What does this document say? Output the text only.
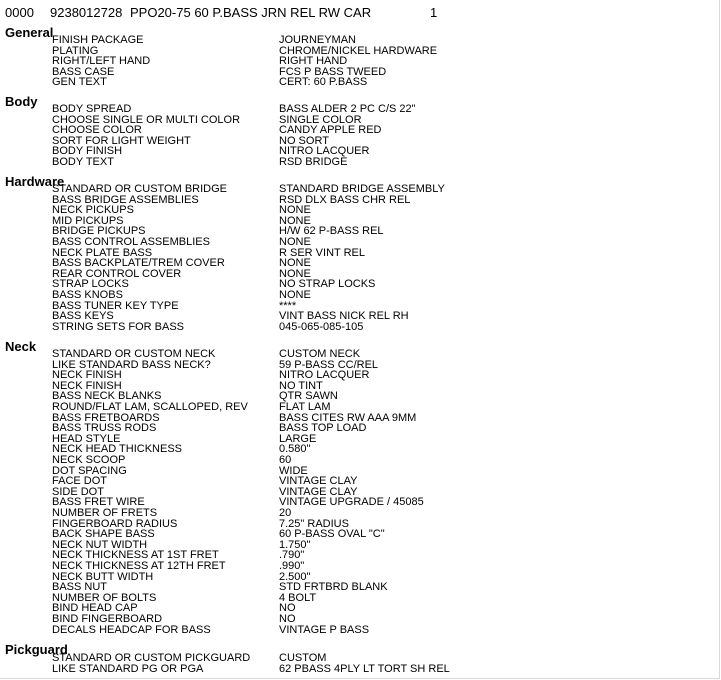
0000 9238012728 PPO20-75 60 P.BASS JRN REL RW CAR	1
General
FINISH PACKAGE	JOURNEYMAN
PLATING	CHROME/NICKEL HARDWARE
RIGHT/LEFT HAND	RIGHT HAND
BASS CASE	FCS P BASS TWEED
GEN TEXT	CERT: 60 P.BASS
Body BODY SPREAD	BASS ALDER 2 PC C/S 22"
CHOOSE SINGLE OR MULTI COLOR	SINGLE COLOR
CHOOSE COLOR	CANDY APPLE RED
SORT FOR LIGHT WEIGHT	NO SORT
BODY FINISH	NITRO LACQUER
BODY TEXT	RSD BRIDGE
Hardware
STANDARD OR CUSTOM BRIDGE	STANDARD BRIDGE ASSEMBLY
BASS BRIDGE ASSEMBLIES	RSD DLX BASS CHR REL
NECK PICKUPS	NONE
MID PICKUPS	NONE
BRIDGE PICKUPS	H/W 62 P-BASS REL
BASS CONTROL ASSEMBLIES	NONE
NECK PLATE BASS	R SER VINT REL
BASS BACKPLATE/TREM COVER	NONE
REAR CONTROL COVER	NONE
STRAP LOCKS	NO STRAP LOCKS
BASS KNOBS	NONE
BASS TUNER KEY TYPE	****
BASS KEYS	VINT BASS NICK REL RH
STRING SETS FOR BASS	045-065-085-105
Neck STANDARD OR CUSTOM NECK	CUSTOM NECK
LIKE STANDARD BASS NECK?	59 P-BASS CC/REL
NECK FINISH	NITRO LACQUER
NECK FINISH	NO TINT
BASS NECK BLANKS	QTR SAWN
ROUND/FLAT LAM, SCALLOPED, REV	FLAT LAM
BASS FRETBOARDS	BASS CITES RW AAA 9MM
BASS TRUSS RODS	BASS TOP LOAD
HEAD STYLE	LARGE
NECK HEAD THICKNESS	0.580"
NECK SCOOP	60
DOT SPACING	WIDE
FACE DOT	VINTAGE CLAY
SIDE DOT	VINTAGE CLAY
BASS FRET WIRE	VINTAGE UPGRADE / 45085
NUMBER OF FRETS	20
FINGERBOARD RADIUS	7.25" RADIUS
BACK SHAPE BASS	60 P-BASS OVAL "C"
NECK NUT WIDTH	1.750"
NECK THICKNESS AT 1ST FRET	.790"
NECK THICKNESS AT 12TH FRET	.990"
NECK BUTT WIDTH	2.500"
BASS NUT	STD FRTBRD BLANK
NUMBER OF BOLTS	4 BOLT
BIND HEAD CAP	NO
BIND FINGERBOARD	NO
DECALS HEADCAP FOR BASS	VINTAGE P BASS
Pickguard
STANDARD OR CUSTOM PICKGUARD	CUSTOM
LIKE STANDARD PG OR PGA	62 PBASS 4PLY LT TORT SH REL
